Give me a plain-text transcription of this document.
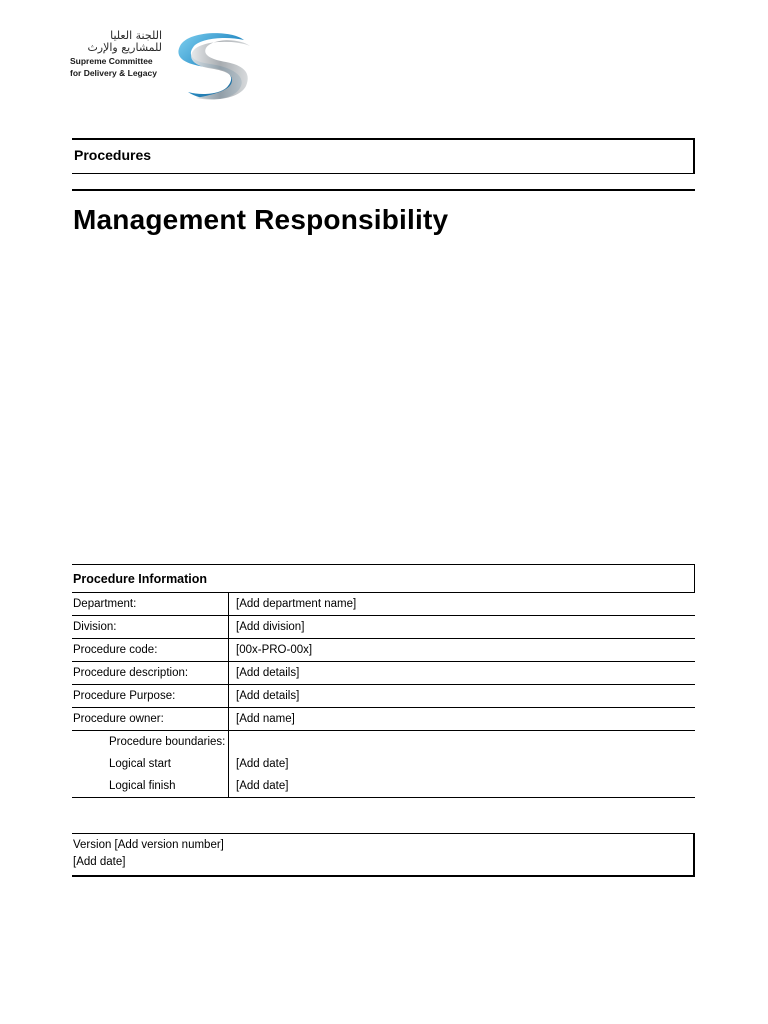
اللجنة العليا
للمشاريع والإرث
Supreme Committee
for Delivery & Legacy
Procedures
Management Responsibility
Procedure Information	
Department:	[Add department name]
Division:	[Add division]
Procedure code:	[00x-PRO-00x]
Procedure description:	[Add details]
Procedure Purpose:	[Add details]
Procedure owner:	[Add name]
Procedure boundaries:	
Logical start	[Add date]
Logical finish	[Add date]
Version [Add version number]
[Add date]
